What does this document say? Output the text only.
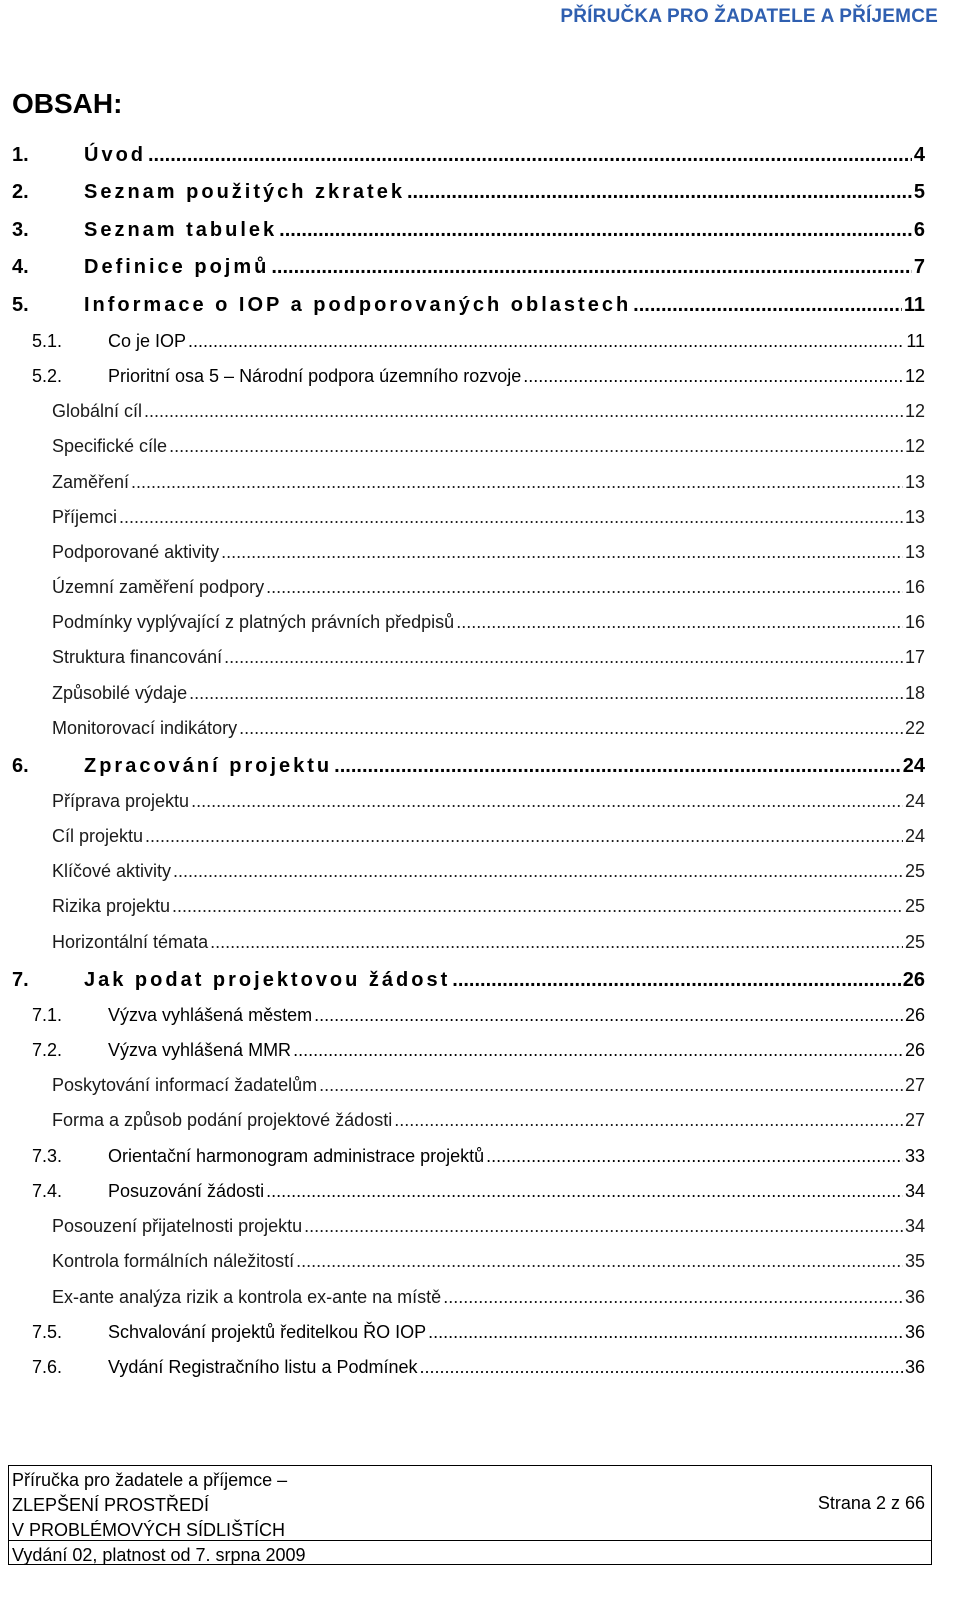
PŘÍRUČKA PRO ŽADATELE A PŘÍJEMCE
OBSAH:
1.	Úvod .....	4
2.	Seznam použitých zkratek .....	5
3.	Seznam tabulek .....	6
4.	Definice pojmů .....	7
5.	Informace o IOP a podporovaných oblastech .....	11
5.1.	Co je IOP .....	11
5.2.	Prioritní osa 5 – Národní podpora územního rozvoje .....	12
Globální cíl .....	12
Specifické cíle .....	12
Zaměření .....	13
Příjemci .....	13
Podporované aktivity .....	13
Územní zaměření podpory .....	16
Podmínky vyplývající z platných právních předpisů .....	16
Struktura financování .....	17
Způsobilé výdaje .....	18
Monitorovací indikátory .....	22
6.	Zpracování projektu .....	24
Příprava projektu .....	24
Cíl projektu .....	24
Klíčové aktivity .....	25
Rizika projektu .....	25
Horizontální témata .....	25
7.	Jak podat projektovou žádost .....	26
7.1.	Výzva vyhlášená městem .....	26
7.2.	Výzva vyhlášená MMR .....	26
Poskytování informací žadatelům .....	27
Forma a způsob podání projektové žádosti .....	27
7.3.	Orientační harmonogram administrace projektů .....	33
7.4.	Posuzování žádosti .....	34
Posouzení přijatelnosti projektu .....	34
Kontrola formálních náležitostí .....	35
Ex-ante analýza rizik a kontrola ex-ante na místě .....	36
7.5.	Schvalování projektů ředitelkou ŘO IOP .....	36
7.6.	Vydání Registračního listu a Podmínek .....	36
Příručka pro žadatele a příjemce –
ZLEPŠENÍ PROSTŘEDÍ
V PROBLÉMOVÝCH SÍDLIŠTÍCH
Vydání 02, platnost od 7. srpna 2009
Strana 2 z 66
